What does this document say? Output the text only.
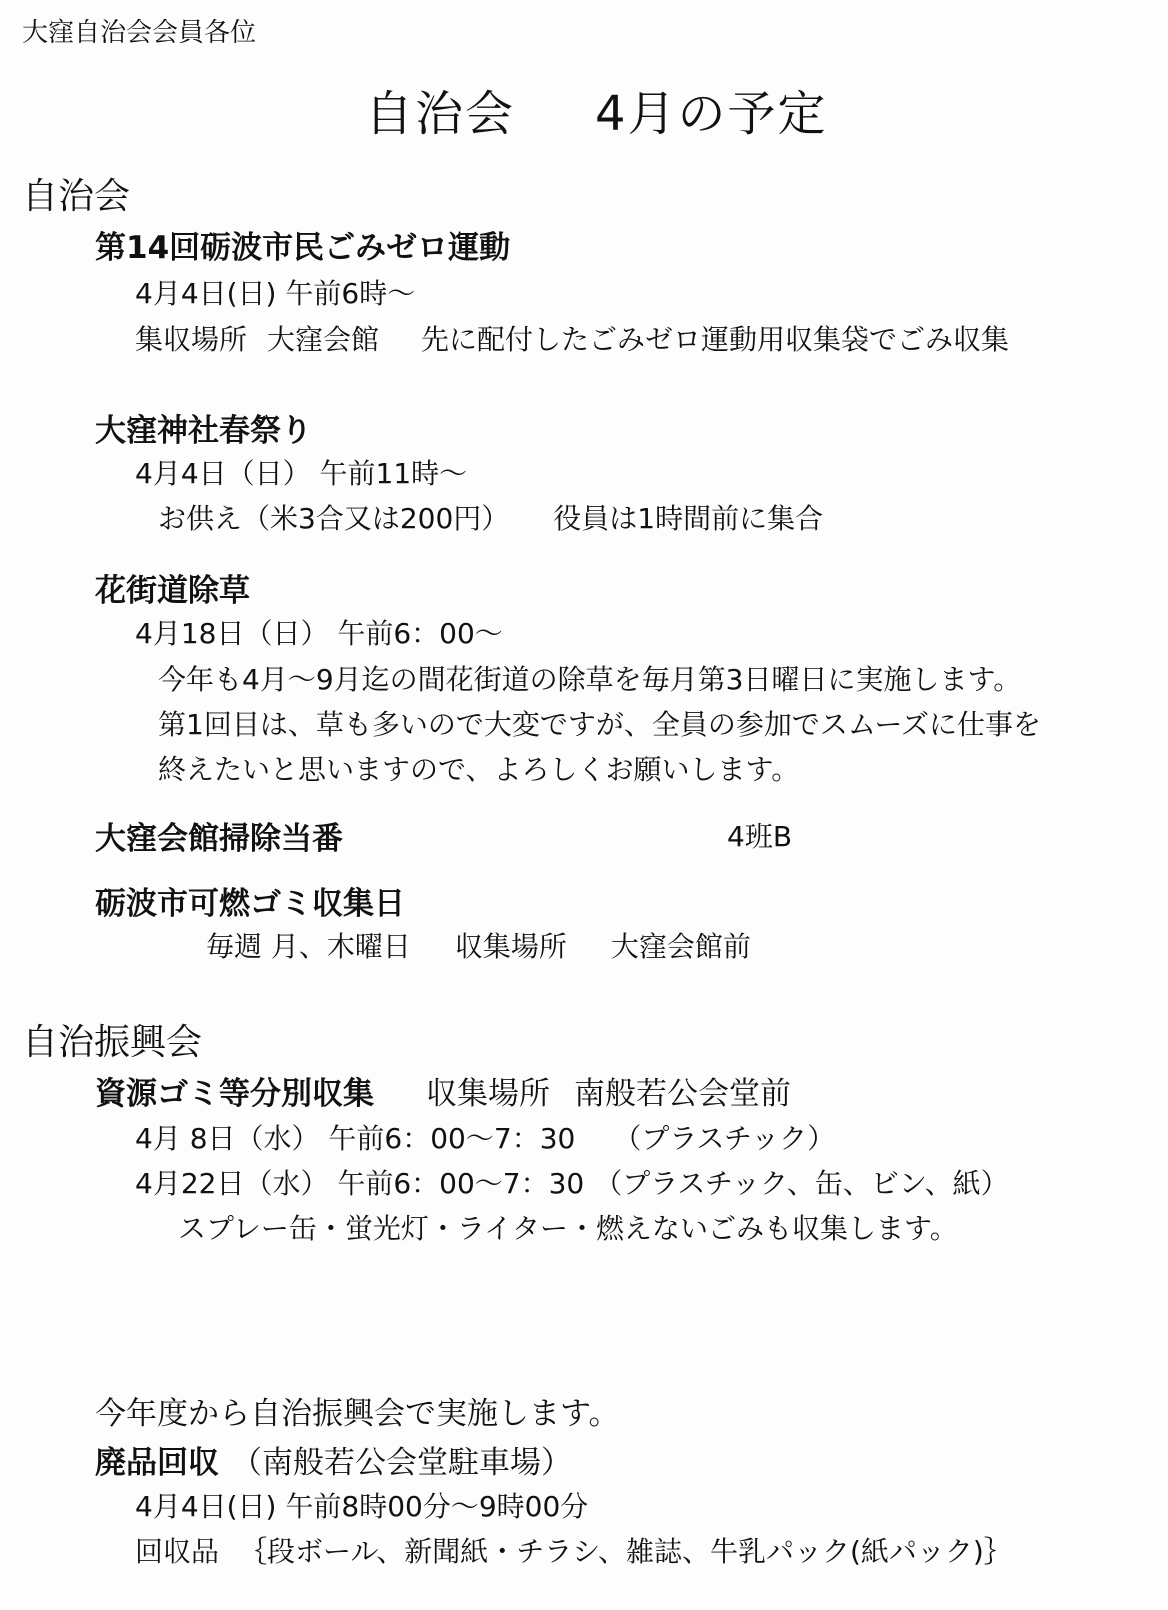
大窪自治会会員各位

自治会 4月の予定
自治会
第14回砺波市民ごみゼロ運動

4月4日(日) 午前6時～

集収場所 大窪会館 先に配付したごみゼロ運動用収集袋でごみ収集

大窪神社春祭り

4月4日（日） 午前11時～

お供え（米3合又は200円） 役員は1時間前に集合

花街道除草

4月18日（日） 午前6：00～

今年も4月～9月迄の間花街道の除草を毎月第3日曜日に実施します。

第1回目は、草も多いので大変ですが、全員の参加でスムーズに仕事を

終えたいと思いますので、よろしくお願いします。

大窪会館掃除当番	4班B

砺波市可燃ゴミ収集日

毎週 月、木曜日 収集場所 大窪会館前

自治振興会

資源ゴミ等分別収集 収集場所 南般若公会堂前

4月 8日（水） 午前6：00～7：30 （プラスチック）

4月22日（水） 午前6：00～7：30 （プラスチック、缶、ビン、紙）

スプレー缶・蛍光灯・ライター・燃えないごみも収集します。

今年度から自治振興会で実施します。

廃品回収 （南般若公会堂駐車場）

4月4日(日) 午前8時00分～9時00分

回収品 ｛段ボール、新聞紙・チラシ、雑誌、牛乳パック(紙パック)｝
